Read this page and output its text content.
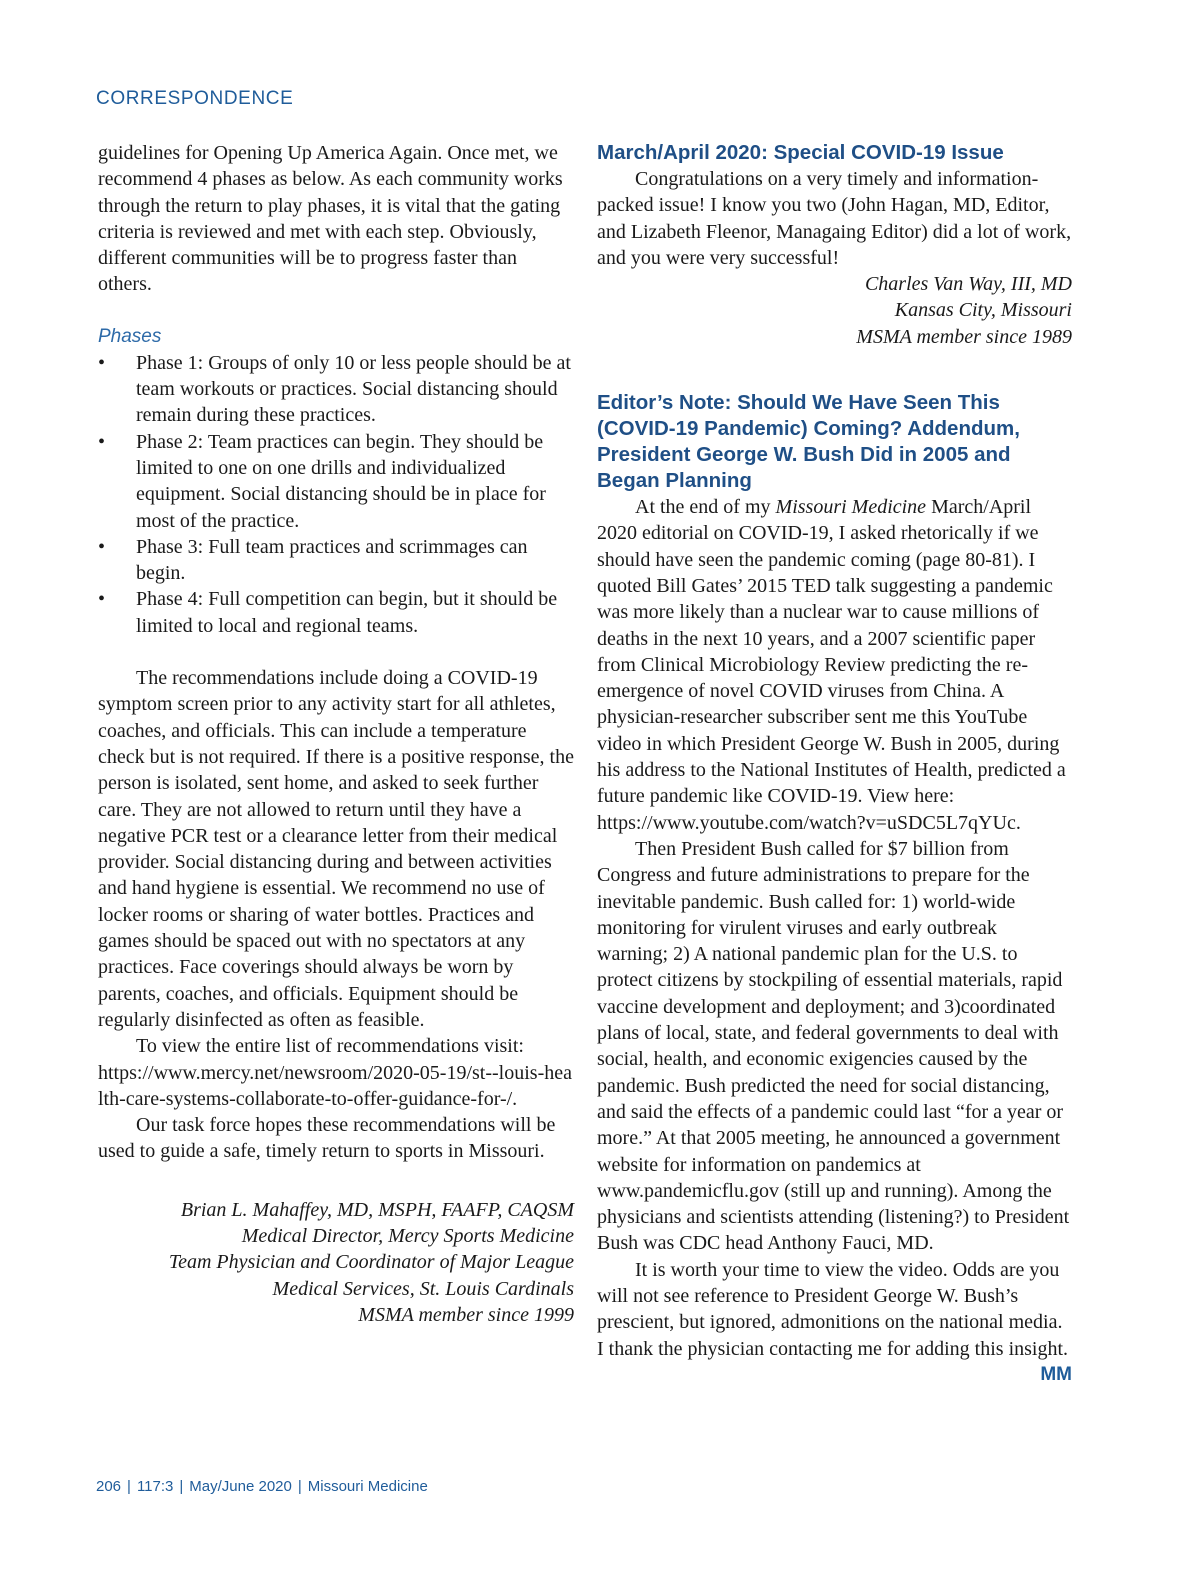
CORRESPONDENCE

guidelines for Opening Up America Again. Once met, we recommend 4 phases as below. As each community works through the return to play phases, it is vital that the gating criteria is reviewed and met with each step. Obviously, different communities will be to progress faster than others.

Phases
• Phase 1: Groups of only 10 or less people should be at team workouts or practices. Social distancing should remain during these practices.
• Phase 2: Team practices can begin. They should be limited to one on one drills and individualized equipment. Social distancing should be in place for most of the practice.
• Phase 3: Full team practices and scrimmages can begin.
• Phase 4: Full competition can begin, but it should be limited to local and regional teams.

The recommendations include doing a COVID-19 symptom screen prior to any activity start for all athletes, coaches, and officials. This can include a temperature check but is not required. If there is a positive response, the person is isolated, sent home, and asked to seek further care. They are not allowed to return until they have a negative PCR test or a clearance letter from their medical provider. Social distancing during and between activities and hand hygiene is essential. We recommend no use of locker rooms or sharing of water bottles. Practices and games should be spaced out with no spectators at any practices. Face coverings should always be worn by parents, coaches, and officials. Equipment should be regularly disinfected as often as feasible.

To view the entire list of recommendations visit:

https://www.mercy.net/newsroom/2020-05-19/st--louis-health-care-systems-collaborate-to-offer-guidance-for-/.

Our task force hopes these recommendations will be used to guide a safe, timely return to sports in Missouri.

Brian L. Mahaffey, MD, MSPH, FAAFP, CAQSM

Medical Director, Mercy Sports Medicine

Team Physician and Coordinator of Major League

Medical Services, St. Louis Cardinals

MSMA member since 1999

March/April 2020: Special COVID-19 Issue

Congratulations on a very timely and information-packed issue! I know you two (John Hagan, MD, Editor, and Lizabeth Fleenor, Managaing Editor) did a lot of work, and you were very successful!

Charles Van Way, III, MD

Kansas City, Missouri

MSMA member since 1989

Editor’s Note: Should We Have Seen This (COVID-19 Pandemic) Coming? Addendum, President George W. Bush Did in 2005 and Began Planning

At the end of my Missouri Medicine March/April 2020 editorial on COVID-19, I asked rhetorically if we should have seen the pandemic coming (page 80-81). I quoted Bill Gates’ 2015 TED talk suggesting a pandemic was more likely than a nuclear war to cause millions of deaths in the next 10 years, and a 2007 scientific paper from Clinical Microbiology Review predicting the re-emergence of novel COVID viruses from China. A physician-researcher subscriber sent me this YouTube video in which President George W. Bush in 2005, during his address to the National Institutes of Health, predicted a future pandemic like COVID-19. View here: https://www.youtube.com/watch?v=uSDC5L7qYUc.

Then President Bush called for $7 billion from Congress and future administrations to prepare for the inevitable pandemic. Bush called for: 1) world-wide monitoring for virulent viruses and early outbreak warning; 2) A national pandemic plan for the U.S. to protect citizens by stockpiling of essential materials, rapid vaccine development and deployment; and 3)coordinated plans of local, state, and federal governments to deal with social, health, and economic exigencies caused by the pandemic. Bush predicted the need for social distancing, and said the effects of a pandemic could last “for a year or more.” At that 2005 meeting, he announced a government website for information on pandemics at www.pandemicflu.gov (still up and running). Among the physicians and scientists attending (listening?) to President Bush was CDC head Anthony Fauci, MD.

It is worth your time to view the video. Odds are you will not see reference to President George W. Bush’s prescient, but ignored, admonitions on the national media. I thank the physician contacting me for adding this insight.
MM

206 | 117:3 | May/June 2020 | Missouri Medicine
